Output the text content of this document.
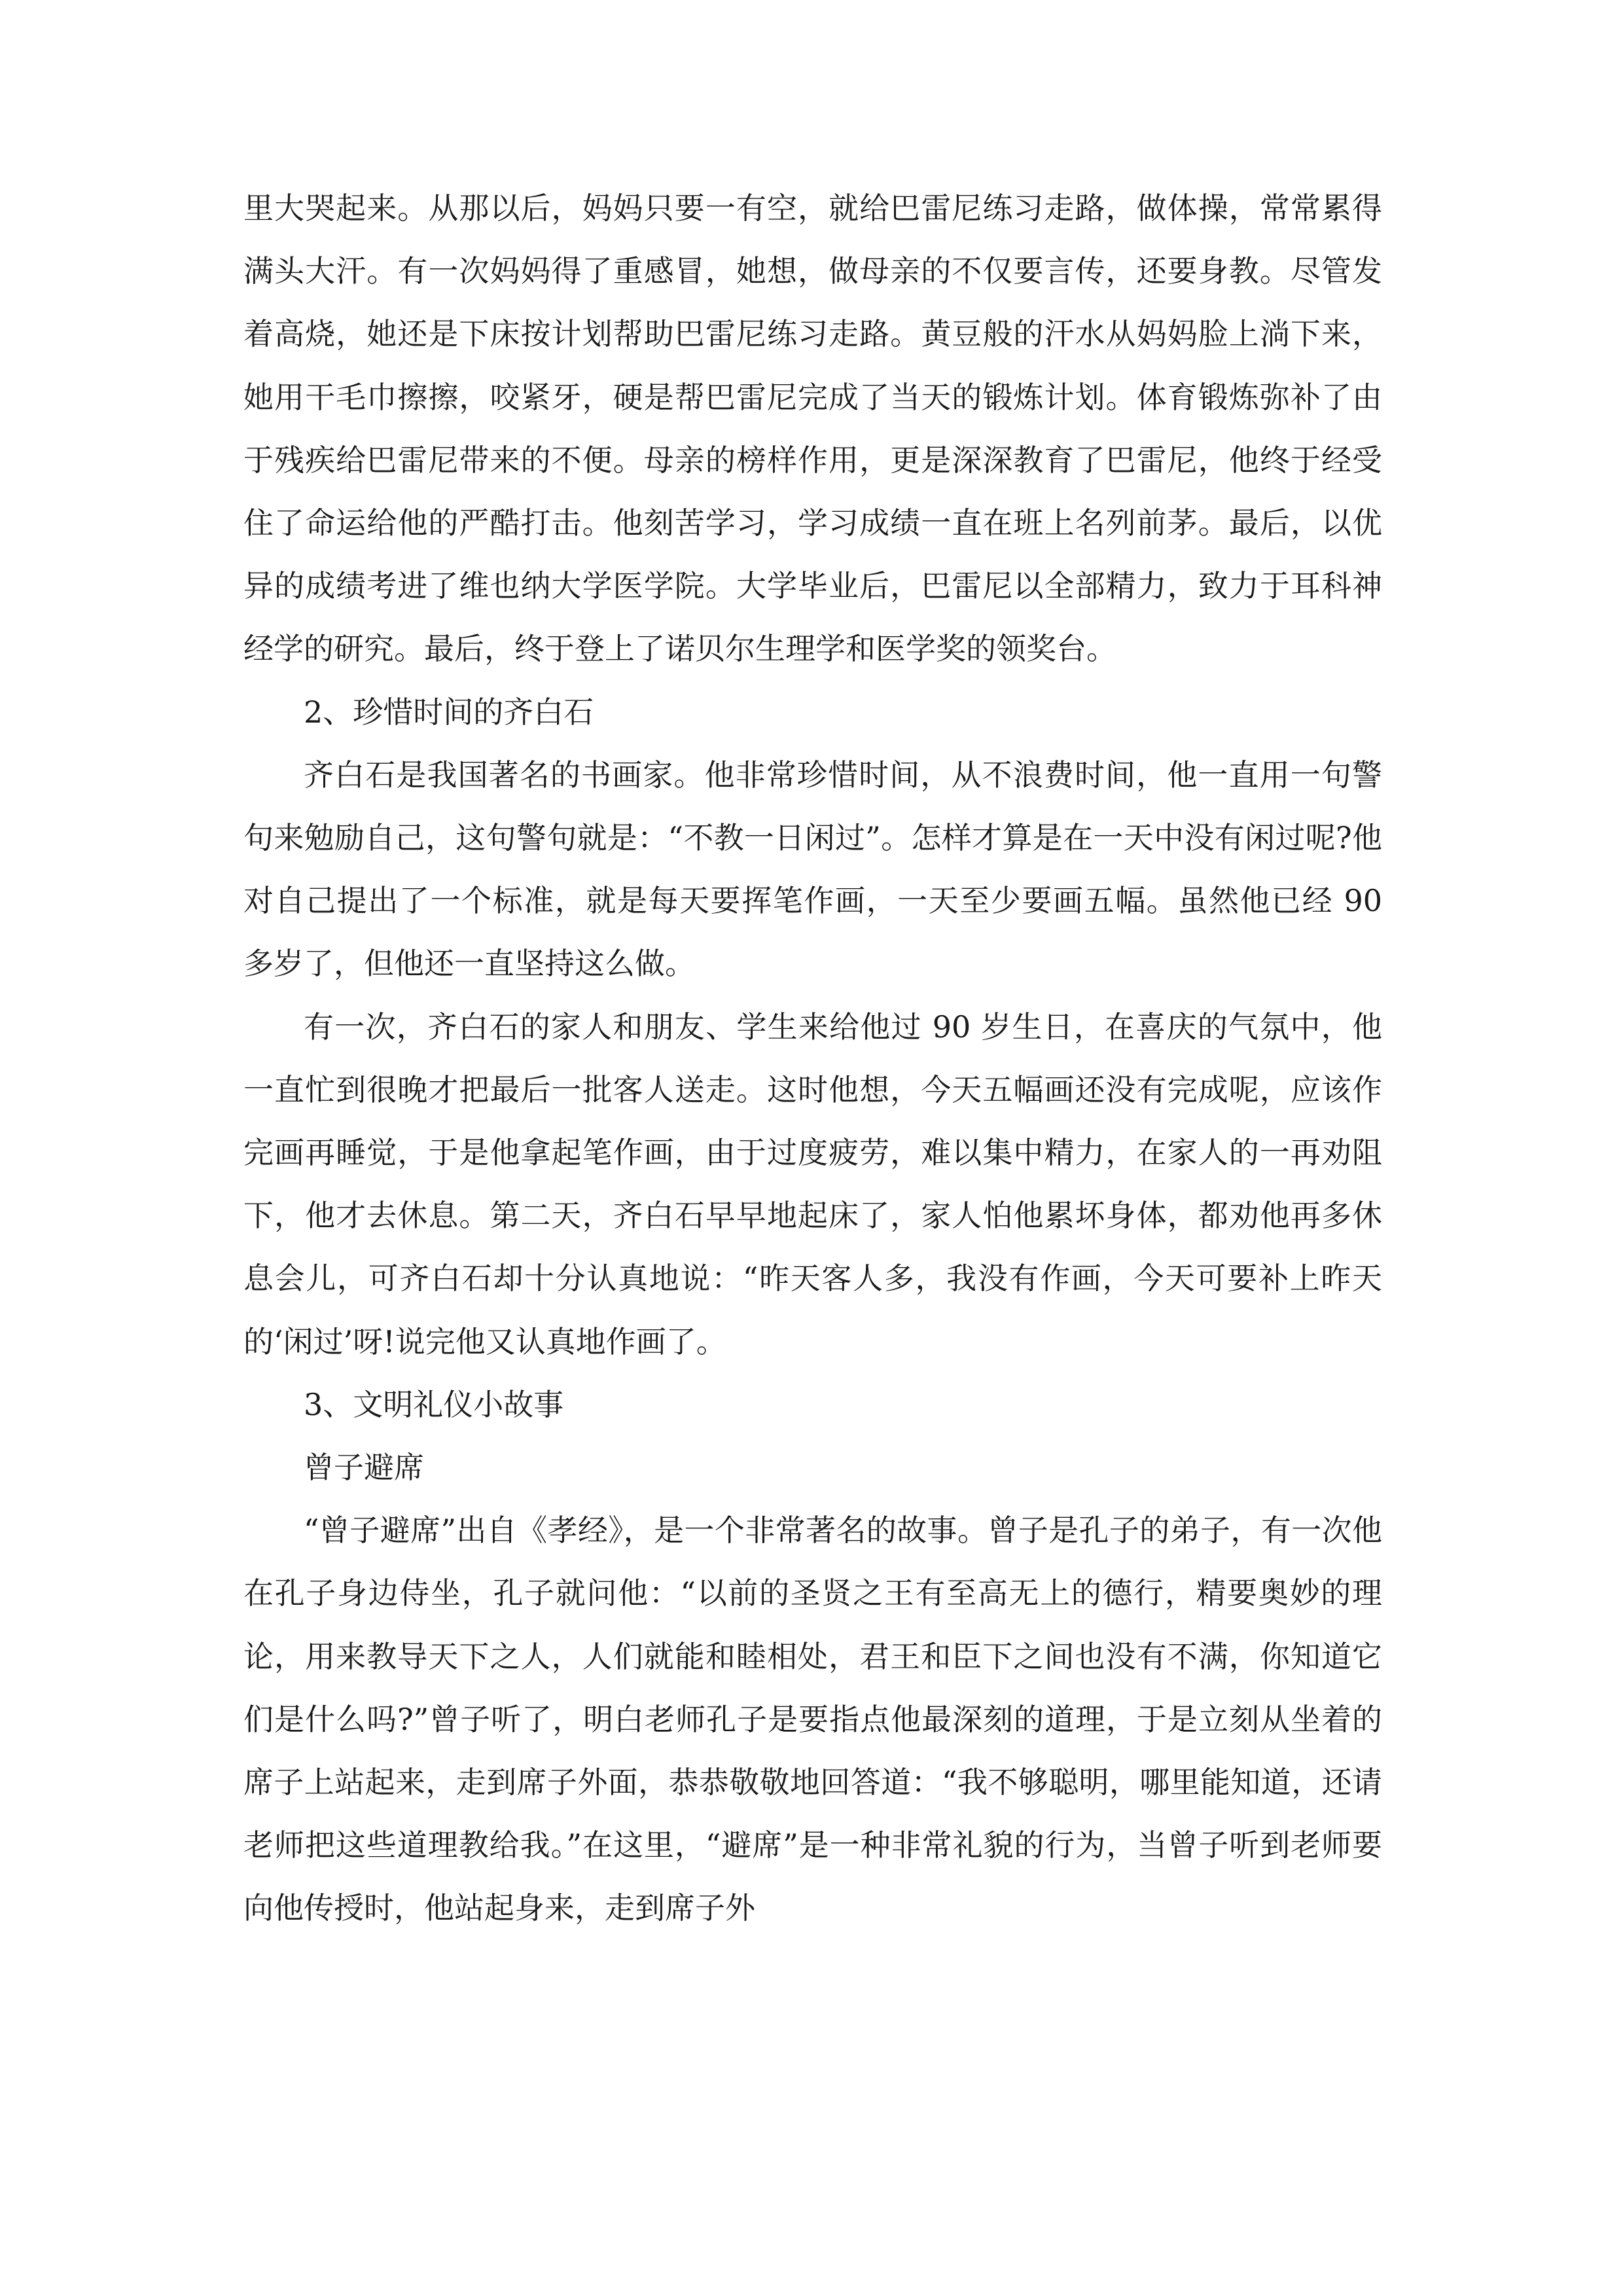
里大哭起来。从那以后，妈妈只要一有空，就给巴雷尼练习走路，做体操，常常累得满头大汗。有一次妈妈得了重感冒，她想，做母亲的不仅要言传，还要身教。尽管发着高烧，她还是下床按计划帮助巴雷尼练习走路。黄豆般的汗水从妈妈脸上淌下来，她用干毛巾擦擦，咬紧牙，硬是帮巴雷尼完成了当天的锻炼计划。体育锻炼弥补了由于残疾给巴雷尼带来的不便。母亲的榜样作用，更是深深教育了巴雷尼，他终于经受住了命运给他的严酷打击。他刻苦学习，学习成绩一直在班上名列前茅。最后，以优异的成绩考进了维也纳大学医学院。大学毕业后，巴雷尼以全部精力，致力于耳科神经学的研究。最后，终于登上了诺贝尔生理学和医学奖的领奖台。

2、珍惜时间的齐白石

齐白石是我国著名的书画家。他非常珍惜时间，从不浪费时间，他一直用一句警句来勉励自己，这句警句就是：“不教一日闲过”。怎样才算是在一天中没有闲过呢?他对自己提出了一个标准，就是每天要挥笔作画，一天至少要画五幅。虽然他已经 90 多岁了，但他还一直坚持这么做。

有一次，齐白石的家人和朋友、学生来给他过 90 岁生日，在喜庆的气氛中，他一直忙到很晚才把最后一批客人送走。这时他想，今天五幅画还没有完成呢，应该作完画再睡觉，于是他拿起笔作画，由于过度疲劳，难以集中精力，在家人的一再劝阻下，他才去休息。第二天，齐白石早早地起床了，家人怕他累坏身体，都劝他再多休息会儿，可齐白石却十分认真地说：“昨天客人多，我没有作画，今天可要补上昨天的‘闲过’呀!说完他又认真地作画了。

3、文明礼仪小故事

曾子避席

“曾子避席”出自《孝经》，是一个非常著名的故事。曾子是孔子的弟子，有一次他在孔子身边侍坐，孔子就问他：“以前的圣贤之王有至高无上的德行，精要奥妙的理论，用来教导天下之人，人们就能和睦相处，君王和臣下之间也没有不满，你知道它们是什么吗?”曾子听了，明白老师孔子是要指点他最深刻的道理，于是立刻从坐着的席子上站起来，走到席子外面，恭恭敬敬地回答道：“我不够聪明，哪里能知道，还请老师把这些道理教给我。”在这里，“避席”是一种非常礼貌的行为，当曾子听到老师要向他传授时，他站起身来，走到席子外
